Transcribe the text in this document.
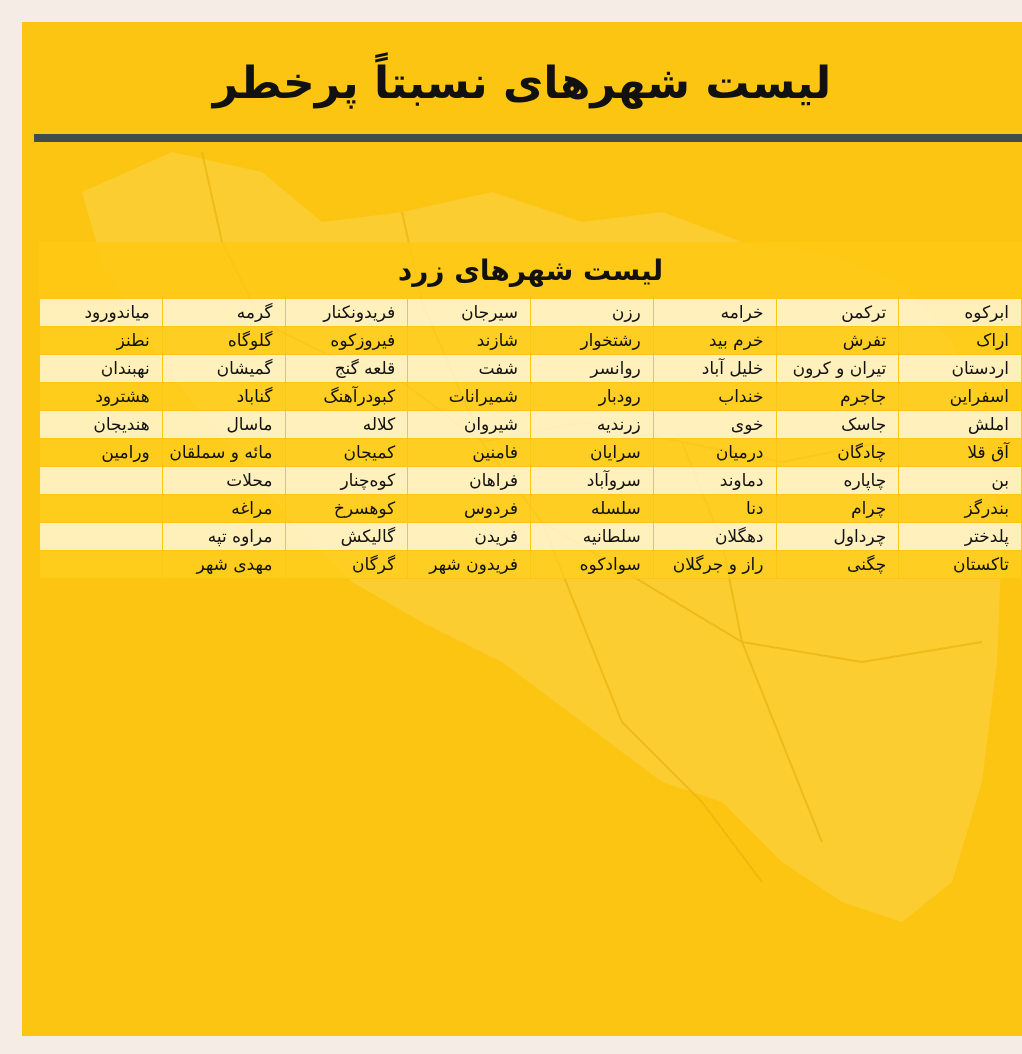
لیست شهرهای نسبتاً پرخطر
لیست شهرهای زرد
ابرکوه	ترکمن	خرامه	رزن	سیرجان	فریدونکنار	گرمه	میاندورود
اراک	تفرش	خرم بید	رشتخوار	شازند	فیروزکوه	گلوگاه	نطنز
اردستان	تیران و کرون	خلیل آباد	روانسر	شفت	قلعه گنج	گمیشان	نهبندان
اسفراین	جاجرم	خنداب	رودبار	شمیرانات	کبودرآهنگ	گناباد	هشترود
املش	جاسک	خوی	زرندیه	شیروان	کلاله	ماسال	هندیجان
آق قلا	چادگان	درمیان	سرایان	فامنین	کمیجان	مائه و سملقان	ورامین
بن	چاپاره	دماوند	سروآباد	فراهان	کوه‌چنار	محلات	
بندرگز	چرام	دنا	سلسله	فردوس	کوهسرخ	مراغه	
پلدختر	چرداول	دهگلان	سلطانیه	فریدن	گالیکش	مراوه تپه	
تاکستان	چگنی	راز و جرگلان	سوادکوه	فریدون شهر	گرگان	مهدی شهر	
